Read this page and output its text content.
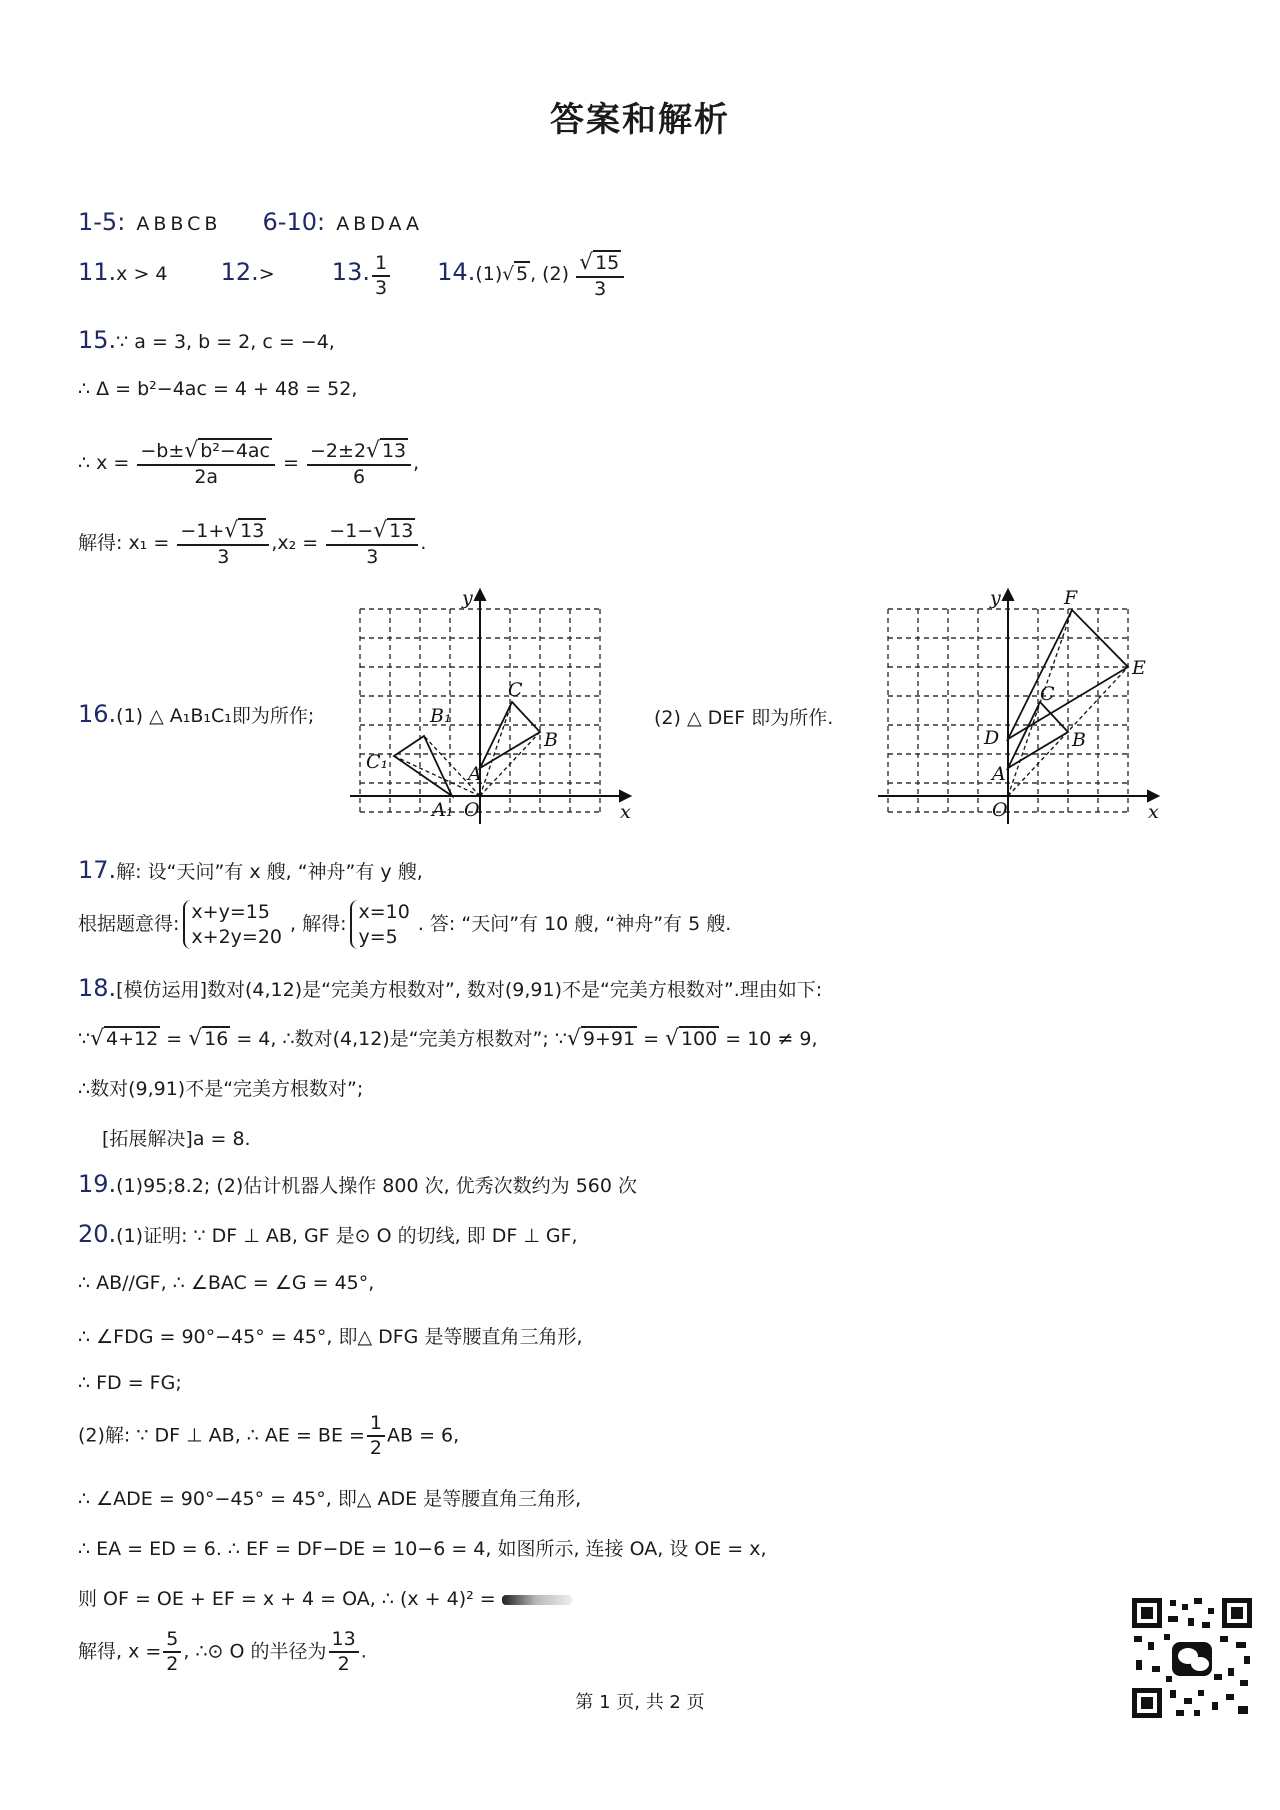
答案和解析
1-5: ABBCB 6-10: ABDAA
11.x > 4 12.> 13. $\frac{1}{3} 14.(1)√$ 5 , $(2) \frac{√ 15}{3}$
15.∵ a = 3, b = 2, c = −4,
∴ Δ = b²−4ac = 4 + 48 = 52,
∴ $x = \frac{\text{−b±√ b²−4ac}}{2a} = \frac{-2\pm 2√ 13}{6}$ ,
解得: $x_1 = \frac{-1+√ 13}{3} ,x_2 = \frac{-1-√ 13}{3}$ .
16.(1) △ A₁B₁C₁即为所作;	(2) △ DEF 即为所作.
B₁
C₁
A₁ O
A
C
B
x
y	F
E
C
D	B
A
O	x
y
17.解: 设“天问”有 x 艘, “神舟”有 y 艘,
根据题意得:
x+y=15
x+2y=20
, 解得:
x=10
y=5
. 答: “天问”有 10 艘, “神舟”有 5 艘.
18.[模仿运用]数对(4,12)是“完美方根数对”, 数对(9,91)不是“完美方根数对”.理由如下:
∵√ 4+12 = √ 16 = 4, ∴数对(4,12)是“完美方根数对”; ∵√ 9+91 = √ 100 = 10 ≠ 9,
∴数对(9,91)不是“完美方根数对”;
[拓展解决]a = 8.
19.(1)95;8.2; (2)估计机器人操作 800 次, 优秀次数约为 560 次
20.(1)证明: ∵ DF ⊥ AB, GF 是⊙ O 的切线, 即 DF ⊥ GF,
∴ AB//GF, ∴ ∠BAC = ∠G = 45°,
∴ ∠FDG = 90°−45° = 45°, 即△ DFG 是等腰直角三角形,
∴ FD = FG;
(2)解: ∵ DF ⊥ AB, ∴ AE = BE = $\frac{1}{2}$ AB = 6,
∴ ∠ADE = 90°−45° = 45°, 即△ ADE 是等腰直角三角形,
∴ EA = ED = 6. ∴ EF = DF−DE = 10−6 = 4, 如图所示, 连接 OA, 设 OE = x,
则 OF = OE + EF = x + 4 = OA, ∴ (x + 4)² =
解得, $x = \frac{5}{2}$ , ∴⊙ O 的半径为 $\frac{13}{2}$ .
第 1 页, 共 2 页
